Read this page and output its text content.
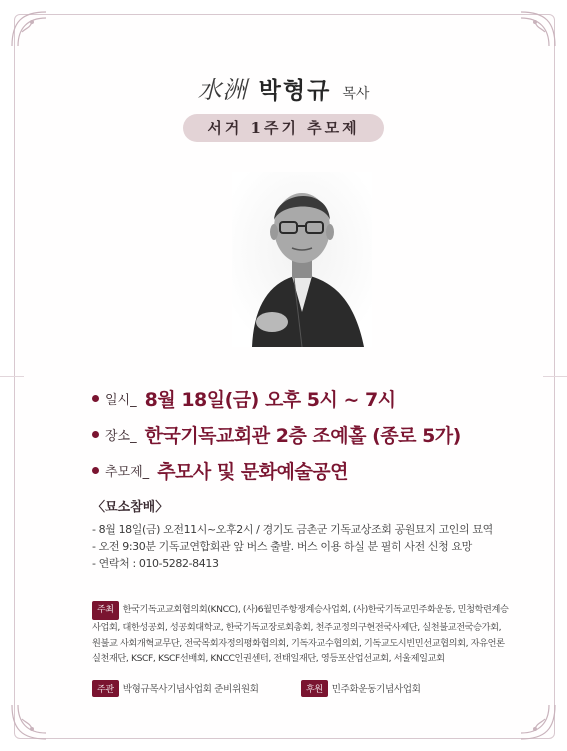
水洲 박형규 목사
서거 1주기 추모제
일시_ 8월 18일(금) 오후 5시 ~ 7시
장소_ 한국기독교회관 2층 조예홀 (종로 5가)
추모제_ 추모사 및 문화예술공연
〈묘소참배〉
- 8월 18일(금) 오전11시~오후2시 / 경기도 금촌군 기독교상조회 공원묘지 고인의 묘역
- 오전 9:30분 기독교연합회관 앞 버스 출발. 버스 이용 하실 분 필히 사전 신청 요망
- 연락처 : 010-5282-8413
주최 한국기독교교회협의회(KNCC), (사)6월민주항쟁계승사업회, (사)한국기독교민주화운동, 민청학련계승사업회, 대한성공회, 성공회대학교, 한국기독교장로회총회, 천주교정의구현전국사제단, 실천불교전국승가회, 원불교 사회개혁교무단, 전국목회자정의평화협의회, 기독자교수협의회, 기독교도시빈민선교협의회, 자유언론실천재단, KSCF, KSCF선배회, KNCC인권센터, 전태일재단, 영등포산업선교회, 서울제일교회
주관 박형규목사기념사업회 준비위원회	후원 민주화운동기념사업회
